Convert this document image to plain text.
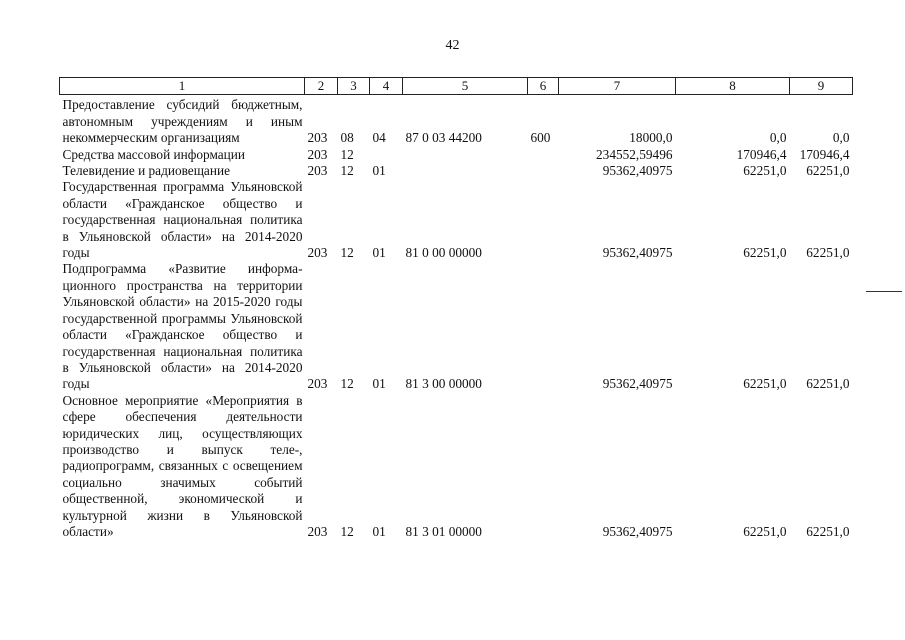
42
1	2	3	4	5	6	7	8	9
Предоставление субсидий бюджетным, автономным учреждениям и иным некоммерческим организациям	203	08	04	87 0 03 44200	600	18000,0	0,0	0,0
Средства массовой информации	203	12				234552,59496	170946,4	170946,4
Телевидение и радиовещание	203	12	01			95362,40975	62251,0	62251,0
Государственная программа Ульяновской области «Гражданское общество и государственная национальная политика в Ульяновской области» на 2014-2020 годы	203	12	01	81 0 00 00000		95362,40975	62251,0	62251,0
Подпрограмма «Развитие информационного пространства на территории Ульяновской области» на 2015-2020 годы государственной программы Ульяновской области «Гражданское общество и государственная национальная политика в Ульяновской области» на 2014-2020 годы	203	12	01	81 3 00 00000		95362,40975	62251,0	62251,0
Основное мероприятие «Мероприятия в сфере обеспечения деятельности юридических лиц, осуществляющих производство и выпуск теле-, радиопрограмм, связанных с освещением социально значимых событий общественной, экономической и культурной жизни в Ульяновской области»	203	12	01	81 3 01 00000		95362,40975	62251,0	62251,0
